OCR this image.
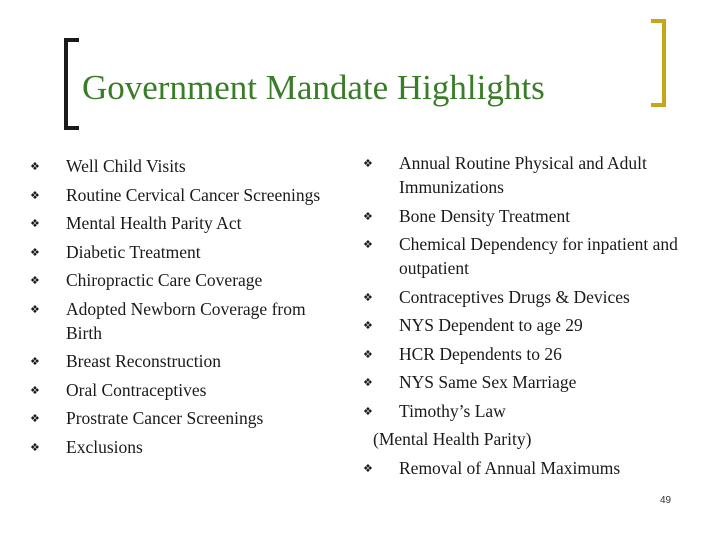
Government Mandate Highlights
❖ Well Child Visits
❖ Routine Cervical Cancer Screenings
❖ Mental Health Parity Act
❖ Diabetic Treatment
❖ Chiropractic Care Coverage
❖ Adopted Newborn Coverage from Birth
❖ Breast Reconstruction
❖ Oral Contraceptives
❖ Prostrate Cancer Screenings
❖ Exclusions
❖ Annual Routine Physical and Adult Immunizations
❖ Bone Density Treatment
❖ Chemical Dependency for inpatient and outpatient
❖ Contraceptives Drugs & Devices
❖ NYS Dependent to age 29
❖ HCR Dependents to 26
❖ NYS Same Sex Marriage
❖ Timothy’s Law
(Mental Health Parity)
❖ Removal of Annual Maximums
49
